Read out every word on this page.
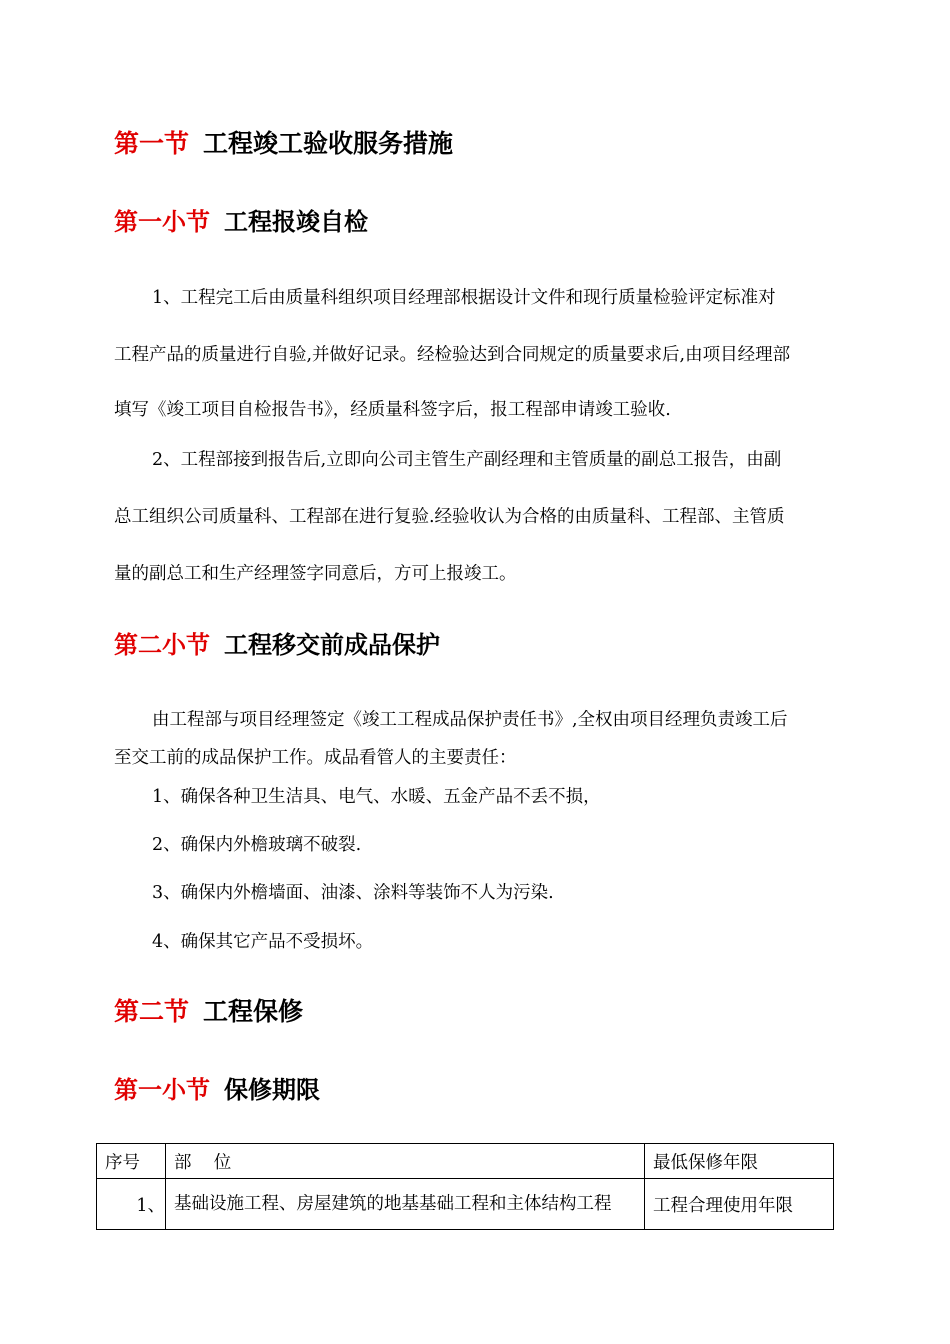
第一节 工程竣工验收服务措施
第一小节 工程报竣自检
1、工程完工后由质量科组织项目经理部根据设计文件和现行质量检验评定标准对
工程产品的质量进行自验,并做好记录。经检验达到合同规定的质量要求后,由项目经理部
填写《竣工项目自检报告书》，经质量科签字后，报工程部申请竣工验收.
2、工程部接到报告后,立即向公司主管生产副经理和主管质量的副总工报告，由副
总工组织公司质量科、工程部在进行复验.经验收认为合格的由质量科、工程部、主管质
量的副总工和生产经理签字同意后，方可上报竣工。
第二小节 工程移交前成品保护
由工程部与项目经理签定《竣工工程成品保护责任书》,全权由项目经理负责竣工后
至交工前的成品保护工作。成品看管人的主要责任：
1、确保各种卫生洁具、电气、水暖、五金产品不丢不损，
2、确保内外檐玻璃不破裂.
3、确保内外檐墙面、油漆、涂料等装饰不人为污染.
4、确保其它产品不受损坏。
第二节 工程保修
第一小节 保修期限
序号	部    位	最低保修年限
1、	基础设施工程、房屋建筑的地基基础工程和主体结构工程	工程合理使用年限
